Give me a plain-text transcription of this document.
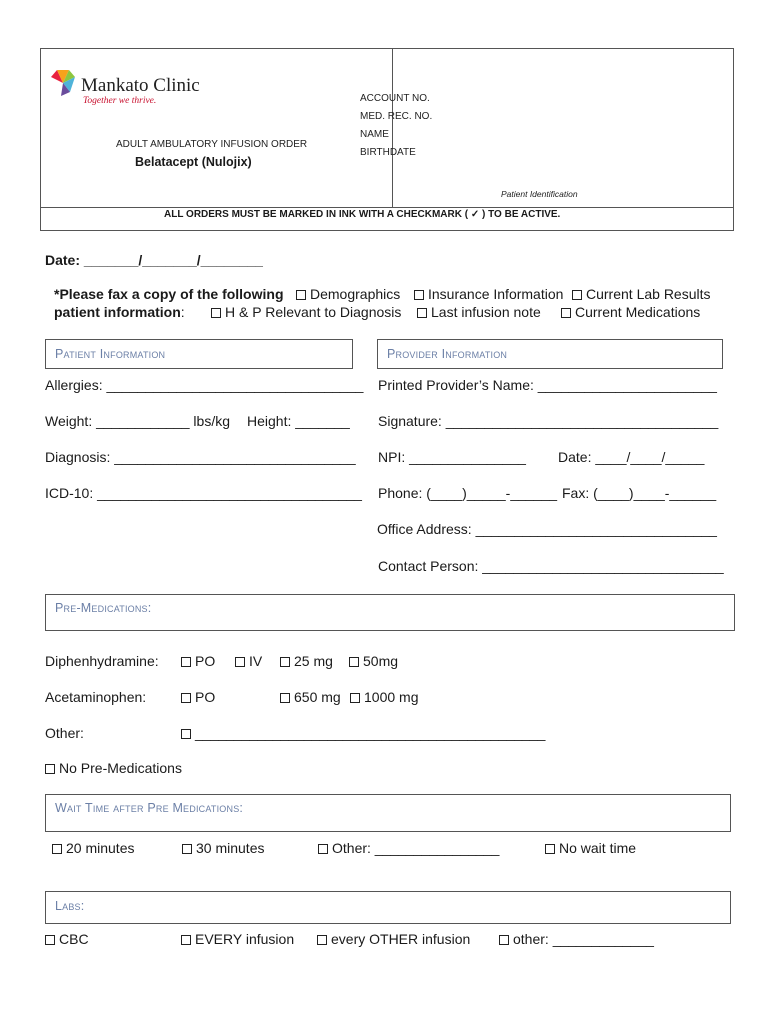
Mankato Clinic
Together we thrive.
ADULT AMBULATORY INFUSION ORDER
Belatacept (Nulojix)
ACCOUNT NO.
MED. REC. NO.
NAME
BIRTHDATE
Patient Identification
ALL ORDERS MUST BE MARKED IN INK WITH A CHECKMARK ( ✓ ) TO BE ACTIVE.
Date: _______/_______/________
*Please fax a copy of the following	Demographics	Insurance Information	Current Lab Results
patient information:	H & P Relevant to Diagnosis	Last infusion note	Current Medications
Patient Information	Provider Information
Allergies: _________________________________
Weight: ____________ lbs/kg Height: _______
Diagnosis: _______________________________
ICD-10: __________________________________
Printed Provider’s Name: _______________________
Signature: ___________________________________
NPI: _______________ Date: ____/____/_____
Phone: (____)_____-______ Fax: (____)____-______
Office Address: _______________________________
Contact Person: _______________________________
Pre-Medications:
Diphenhydramine:	PO	IV	25 mg	50mg
Acetaminophen:	PO	650 mg	1000 mg
Other:	_____________________________________________
No Pre-Medications
Wait Time after Pre Medications:
20 minutes	30 minutes	Other: ________________	No wait time
Labs:
CBC	EVERY infusion	every OTHER infusion	other: _____________
